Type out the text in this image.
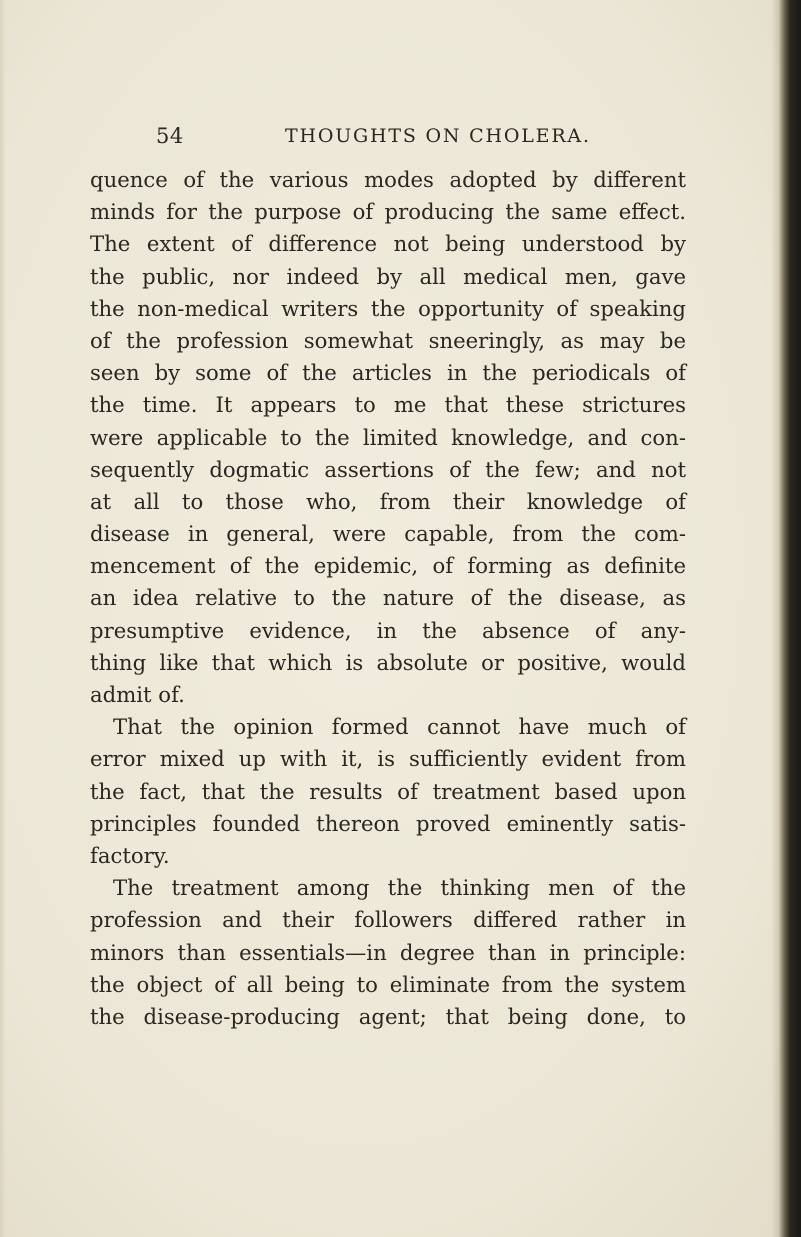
54	THOUGHTS ON CHOLERA.
quence of the various modes adopted by different
minds for the purpose of producing the same effect.
The extent of difference not being understood by
the public, nor indeed by all medical men, gave
the non-medical writers the opportunity of speaking
of the profession somewhat sneeringly, as may be
seen by some of the articles in the periodicals of
the time. It appears to me that these strictures
were applicable to the limited knowledge, and con-
sequently dogmatic assertions of the few; and not
at all to those who, from their knowledge of
disease in general, were capable, from the com-
mencement of the epidemic, of forming as definite
an idea relative to the nature of the disease, as
presumptive evidence, in the absence of any-
thing like that which is absolute or positive, would
admit of.
That the opinion formed cannot have much of
error mixed up with it, is sufficiently evident from
the fact, that the results of treatment based upon
principles founded thereon proved eminently satis-
factory.
The treatment among the thinking men of the
profession and their followers differed rather in
minors than essentials—in degree than in principle:
the object of all being to eliminate from the system
the disease-producing agent; that being done, to
